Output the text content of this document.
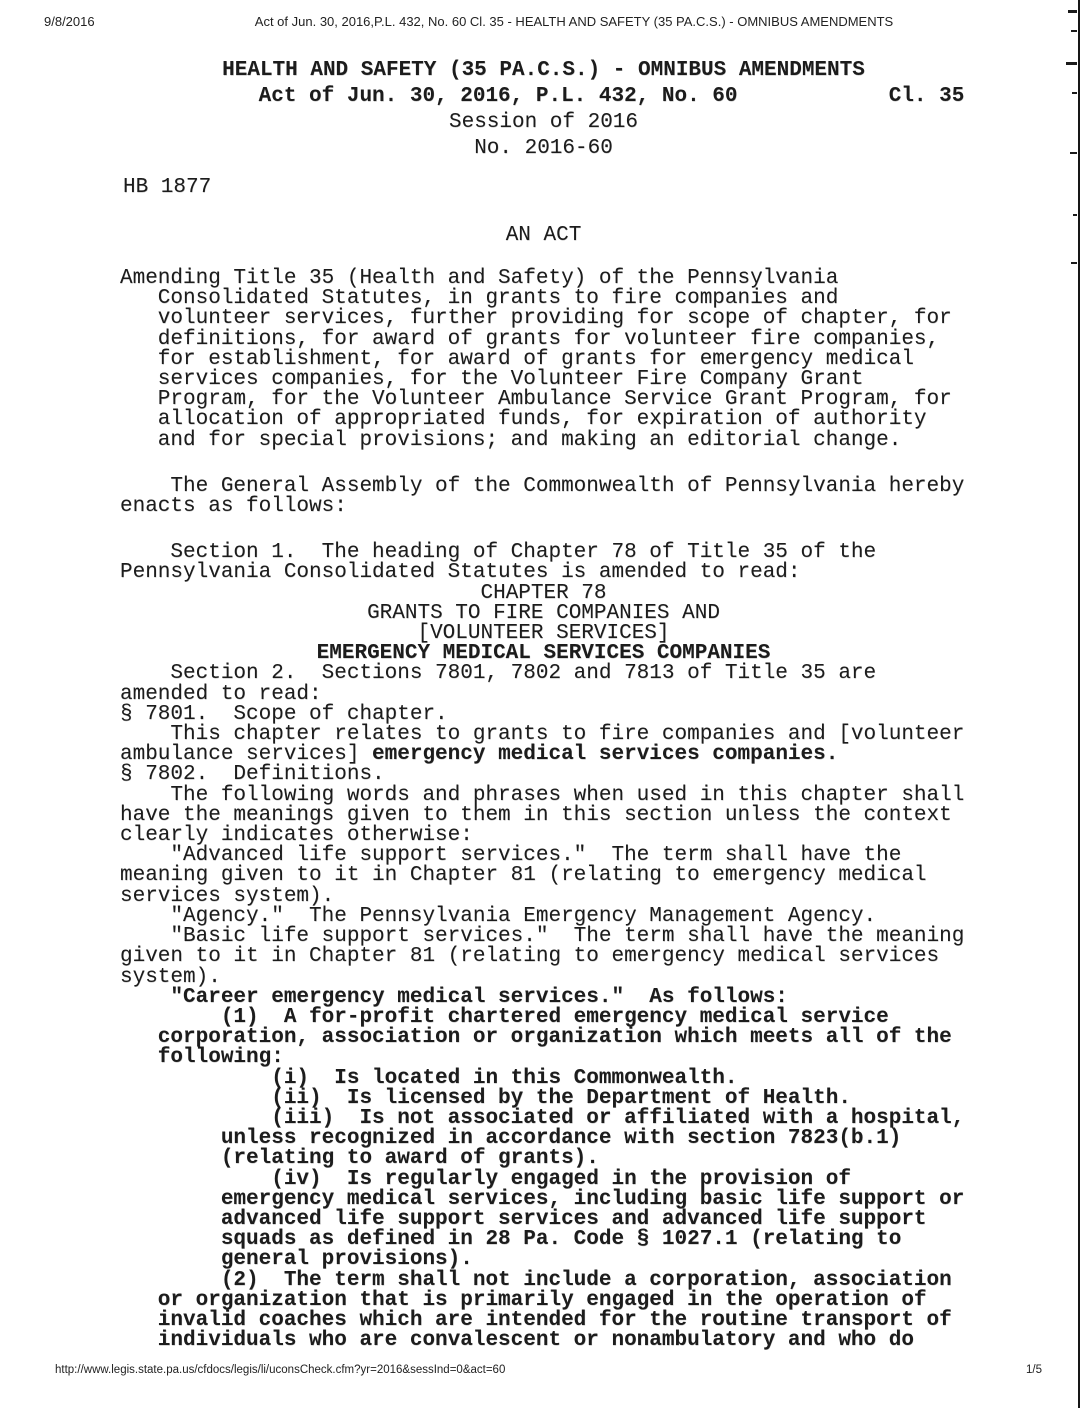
9/8/2016	Act of Jun. 30, 2016,P.L. 432, No. 60 Cl. 35 - HEALTH AND SAFETY (35 PA.C.S.) - OMNIBUS AMENDMENTS
HEALTH AND SAFETY (35 PA.C.S.) - OMNIBUS AMENDMENTS
Act of Jun. 30, 2016, P.L. 432, No. 60            Cl. 35
Session of 2016
No. 2016-60
HB 1877
AN ACT
Amending Title 35 (Health and Safety) of the Pennsylvania
Consolidated Statutes, in grants to fire companies and
volunteer services, further providing for scope of chapter, for
definitions, for award of grants for volunteer fire companies,
for establishment, for award of grants for emergency medical
services companies, for the Volunteer Fire Company Grant
Program, for the Volunteer Ambulance Service Grant Program, for
allocation of appropriated funds, for expiration of authority
and for special provisions; and making an editorial change.
The General Assembly of the Commonwealth of Pennsylvania hereby
enacts as follows:
Section 1.  The heading of Chapter 78 of Title 35 of the
Pennsylvania Consolidated Statutes is amended to read:
CHAPTER 78
GRANTS TO FIRE COMPANIES AND
[VOLUNTEER SERVICES]
EMERGENCY MEDICAL SERVICES COMPANIES
Section 2.  Sections 7801, 7802 and 7813 of Title 35 are
amended to read:
§ 7801.  Scope of chapter.
This chapter relates to grants to fire companies and [volunteer
ambulance services] emergency medical services companies.
§ 7802.  Definitions.
The following words and phrases when used in this chapter shall
have the meanings given to them in this section unless the context
clearly indicates otherwise:
"Advanced life support services."  The term shall have the
meaning given to it in Chapter 81 (relating to emergency medical
services system).
"Agency."  The Pennsylvania Emergency Management Agency.
"Basic life support services."  The term shall have the meaning
given to it in Chapter 81 (relating to emergency medical services
system).
"Career emergency medical services."  As follows:
(1)  A for-profit chartered emergency medical service
corporation, association or organization which meets all of the
following:
(i)  Is located in this Commonwealth.
(ii)  Is licensed by the Department of Health.
(iii)  Is not associated or affiliated with a hospital,
unless recognized in accordance with section 7823(b.1)
(relating to award of grants).
(iv)  Is regularly engaged in the provision of
emergency medical services, including basic life support or
advanced life support services and advanced life support
squads as defined in 28 Pa. Code § 1027.1 (relating to
general provisions).
(2)  The term shall not include a corporation, association
or organization that is primarily engaged in the operation of
invalid coaches which are intended for the routine transport of
individuals who are convalescent or nonambulatory and who do
http://www.legis.state.pa.us/cfdocs/legis/li/uconsCheck.cfm?yr=2016&sessInd=0&act=60	1/5
